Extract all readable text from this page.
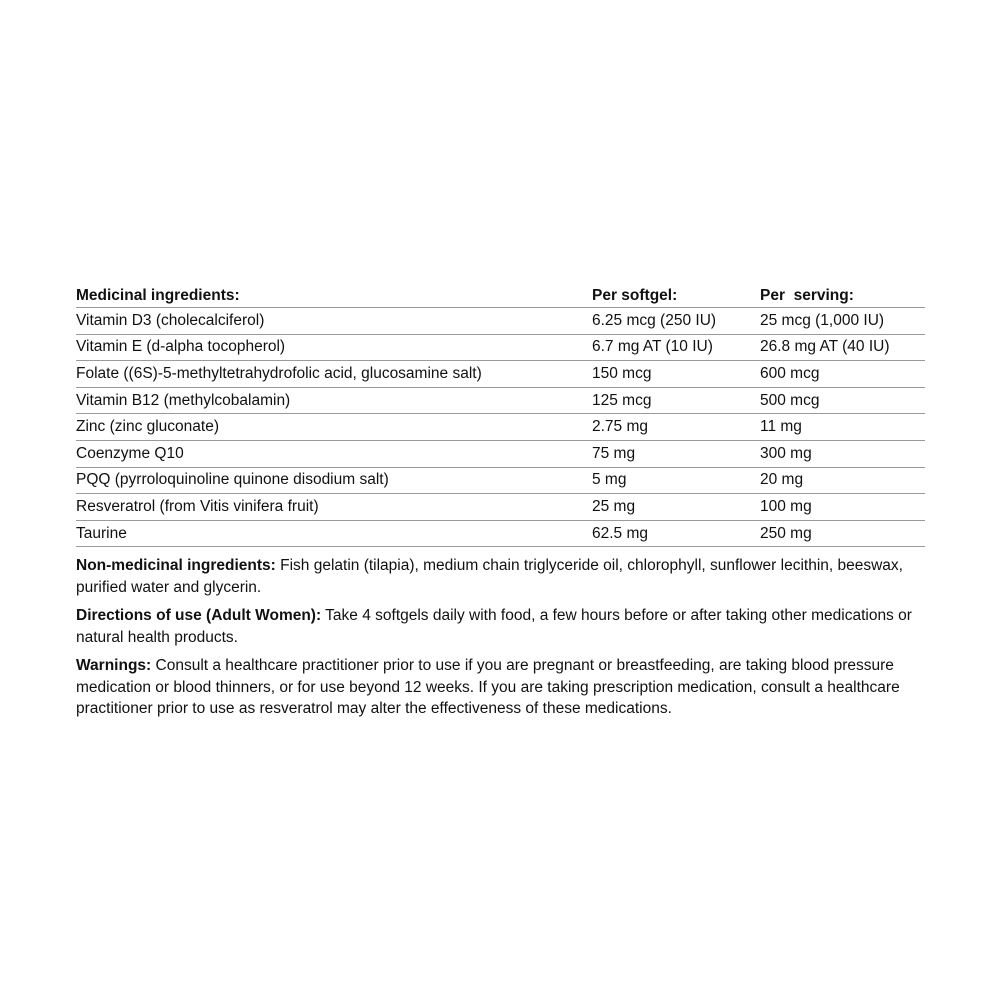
Medicinal ingredients:	Per softgel:	Per  serving:
Vitamin D3 (cholecalciferol)	6.25 mcg (250 IU)	25 mcg (1,000 IU)
Vitamin E (d-alpha tocopherol)	6.7 mg AT (10 IU)	26.8 mg AT (40 IU)
Folate ((6S)-5-methyltetrahydrofolic acid, glucosamine salt)	150 mcg	600 mcg
Vitamin B12 (methylcobalamin)	125 mcg	500 mcg
Zinc (zinc gluconate)	2.75 mg	11 mg
Coenzyme Q10	75 mg	300 mg
PQQ (pyrroloquinoline quinone disodium salt)	5 mg	20 mg
Resveratrol (from Vitis vinifera fruit)	25 mg	100 mg
Taurine	62.5 mg	250 mg

Non-medicinal ingredients: Fish gelatin (tilapia), medium chain triglyceride oil, chlorophyll, sunflower lecithin, beeswax, purified water and glycerin.

Directions of use (Adult Women): Take 4 softgels daily with food, a few hours before or after taking other medications or natural health products.

Warnings: Consult a healthcare practitioner prior to use if you are pregnant or breastfeeding, are taking blood pressure medication or blood thinners, or for use beyond 12 weeks. If you are taking prescription medication, consult a healthcare practitioner prior to use as resveratrol may alter the effectiveness of these medications.
